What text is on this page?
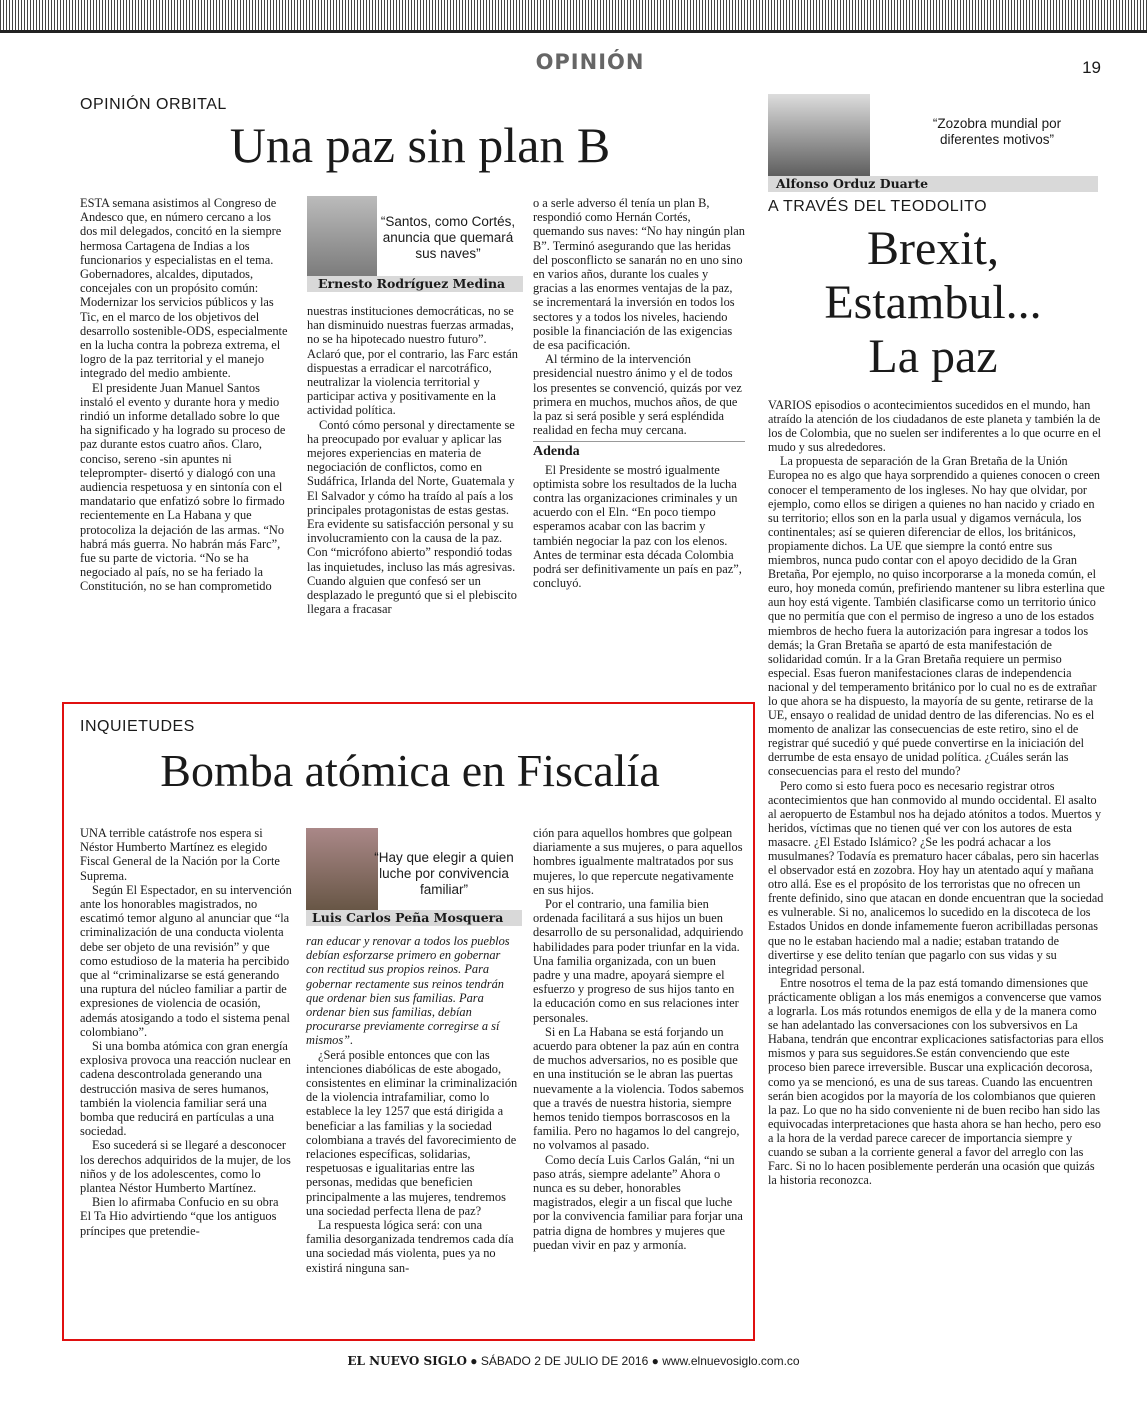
OPINIÓN	19
OPINIÓN ORBITAL
Una paz sin plan B

ESTA semana asistimos al Congreso de Andesco que, en número cercano a los dos mil delegados, concitó en la siempre hermosa Cartagena de Indias a los funcionarios y especialistas en el tema. Gobernadores, alcaldes, diputados, concejales con un propósito común: Modernizar los servicios públicos y las Tic, en el marco de los objetivos del desarrollo sostenible-ODS, especialmente en la lucha contra la pobreza extrema, el logro de la paz territorial y el manejo integrado del medio ambiente.

El presidente Juan Manuel Santos instaló el evento y durante hora y medio rindió un informe detallado sobre lo que ha significado y ha logrado su proceso de paz durante estos cuatro años. Claro, conciso, sereno -sin apuntes ni teleprompter- disertó y dialogó con una audiencia respetuosa y en sintonía con el mandatario que enfatizó sobre lo firmado recientemente en La Habana y que protocoliza la dejación de las armas. “No habrá más guerra. No habrán más Farc”, fue su parte de victoria. “No se ha negociado al país, no se ha feriado la Constitución, no se han comprometido

“Santos, como Cortés, anuncia que quemará sus naves”
Ernesto Rodríguez Medina

nuestras instituciones democráticas, no se han disminuido nuestras fuerzas armadas, no se ha hipotecado nuestro futuro”. Aclaró que, por el contrario, las Farc están dispuestas a erradicar el narcotráfico, neutralizar la violencia territorial y participar activa y positivamente en la actividad política.

Contó cómo personal y directamente se ha preocupado por evaluar y aplicar las mejores experiencias en materia de negociación de conflictos, como en Sudáfrica, Irlanda del Norte, Guatemala y El Salvador y cómo ha traído al país a los principales protagonistas de estas gestas. Era evidente su satisfacción personal y su involucramiento con la causa de la paz. Con “micrófono abierto” respondió todas las inquietudes, incluso las más agresivas. Cuando alguien que confesó ser un desplazado le preguntó que si el plebiscito llegara a fracasar

o a serle adverso él tenía un plan B, respondió como Hernán Cortés, quemando sus naves: “No hay ningún plan B”. Terminó asegurando que las heridas del posconflicto se sanarán no en uno sino en varios años, durante los cuales y gracias a las enormes ventajas de la paz, se incrementará la inversión en todos los sectores y a todos los niveles, haciendo posible la financiación de las exigencias de esa pacificación.

Al término de la intervención presidencial nuestro ánimo y el de todos los presentes se convenció, quizás por vez primera en muchos, muchos años, de que la paz si será posible y será espléndida realidad en fecha muy cercana.

Adenda

El Presidente se mostró igualmente optimista sobre los resultados de la lucha contra las organizaciones criminales y un acuerdo con el Eln. “En poco tiempo esperamos acabar con las bacrim y también negociar la paz con los elenos. Antes de terminar esta década Colombia podrá ser definitivamente un país en paz”, concluyó.

“Zozobra mundial por diferentes motivos”
Alfonso Orduz Duarte
A TRAVÉS DEL TEODOLITO
Brexit,
Estambul...
La paz

VARIOS episodios o acontecimientos sucedidos en el mundo, han atraído la atención de los ciudadanos de este planeta y también la de los de Colombia, que no suelen ser indiferentes a lo que ocurre en el mudo y sus alrededores.

La propuesta de separación de la Gran Bretaña de la Unión Europea no es algo que haya sorprendido a quienes conocen o creen conocer el temperamento de los ingleses. No hay que olvidar, por ejemplo, como ellos se dirigen a quienes no han nacido y criado en su territorio; ellos son en la parla usual y digamos vernácula, los continentales; así se quieren diferenciar de ellos, los británicos, propiamente dichos. La UE que siempre la contó entre sus miembros, nunca pudo contar con el apoyo decidido de la Gran Bretaña, Por ejemplo, no quiso incorporarse a la moneda común, el euro, hoy moneda común, prefiriendo mantener su libra esterlina que aun hoy está vigente. También clasificarse como un territorio único que no permitía que con el permiso de ingreso a uno de los estados miembros de hecho fuera la autorización para ingresar a todos los demás; la Gran Bretaña se apartó de esta manifestación de solidaridad común. Ir a la Gran Bretaña requiere un permiso especial. Esas fueron manifestaciones claras de independencia nacional y del temperamento británico por lo cual no es de extrañar lo que ahora se ha dispuesto, la mayoría de su gente, retirarse de la UE, ensayo o realidad de unidad dentro de las diferencias. No es el momento de analizar las consecuencias de este retiro, sino el de registrar qué sucedió y qué puede convertirse en la iniciación del derrumbe de esta ensayo de unidad política. ¿Cuáles serán las consecuencias para el resto del mundo?

Pero como si esto fuera poco es necesario registrar otros acontecimientos que han conmovido al mundo occidental. El asalto al aeropuerto de Estambul nos ha dejado atónitos a todos. Muertos y heridos, víctimas que no tienen qué ver con los autores de esta masacre. ¿El Estado Islámico? ¿Se les podrá achacar a los musulmanes? Todavía es prematuro hacer cábalas, pero sin hacerlas el observador está en zozobra. Hoy hay un atentado aquí y mañana otro allá. Ese es el propósito de los terroristas que no ofrecen un frente definido, sino que atacan en donde encuentran que la sociedad es vulnerable. Si no, analicemos lo sucedido en la discoteca de los Estados Unidos en donde infamemente fueron acribilladas personas que no le estaban haciendo mal a nadie; estaban tratando de divertirse y ese delito tenían que pagarlo con sus vidas y su integridad personal.

Entre nosotros el tema de la paz está tomando dimensiones que prácticamente obligan a los más enemigos a convencerse que vamos a lograrla. Los más rotundos enemigos de ella y de la manera como se han adelantado las conversaciones con los subversivos en La Habana, tendrán que encontrar explicaciones satisfactorias para ellos mismos y para sus seguidores.Se están convenciendo que este proceso bien parece irreversible. Buscar una explicación decorosa, como ya se mencionó, es una de sus tareas. Cuando las encuentren serán bien acogidos por la mayoría de los colombianos que quieren la paz. Lo que no ha sido conveniente ni de buen recibo han sido las equivocadas interpretaciones que hasta ahora se han hecho, pero eso a la hora de la verdad parece carecer de importancia siempre y cuando se suban a la corriente general a favor del arreglo con las Farc. Si no lo hacen posiblemente perderán una ocasión que quizás la historia reconozca.

INQUIETUDES
Bomba atómica en Fiscalía

UNA terrible catástrofe nos espera si Néstor Humberto Martínez es elegido Fiscal General de la Nación por la Corte Suprema.

Según El Espectador, en su intervención ante los honorables magistrados, no escatimó temor alguno al anunciar que “la criminalización de una conducta violenta debe ser objeto de una revisión” y que como estudioso de la materia ha percibido que al “criminalizarse se está generando una ruptura del núcleo familiar a partir de expresiones de violencia de ocasión, además atosigando a todo el sistema penal colombiano”.

Si una bomba atómica con gran energía explosiva provoca una reacción nuclear en cadena descontrolada generando una destrucción masiva de seres humanos, también la violencia familiar será una bomba que reducirá en partículas a una sociedad.

Eso sucederá si se llegaré a desconocer los derechos adquiridos de la mujer, de los niños y de los adolescentes, como lo plantea Néstor Humberto Martínez.

Bien lo afirmaba Confucio en su obra El Ta Hio advirtiendo “que los antiguos príncipes que pretendie-

“Hay que elegir a quien luche por convivencia familiar”
Luis Carlos Peña Mosquera

ran educar y renovar a todos los pueblos debían esforzarse primero en gobernar con rectitud sus propios reinos. Para gobernar rectamente sus reinos tendrán que ordenar bien sus familias. Para ordenar bien sus familias, debían procurarse previamente corregirse a sí mismos”.

¿Será posible entonces que con las intenciones diabólicas de este abogado, consistentes en eliminar la criminalización de la violencia intrafamiliar, como lo establece la ley 1257 que está dirigida a beneficiar a las familias y la sociedad colombiana a través del favorecimiento de relaciones específicas, solidarias, respetuosas e igualitarias entre las personas, medidas que beneficien principalmente a las mujeres, tendremos una sociedad perfecta llena de paz?

La respuesta lógica será: con una familia desorganizada tendremos cada día una sociedad más violenta, pues ya no existirá ninguna san-

ción para aquellos hombres que golpean diariamente a sus mujeres, o para aquellos hombres igualmente maltratados por sus mujeres, lo que repercute negativamente en sus hijos.

Por el contrario, una familia bien ordenada facilitará a sus hijos un buen desarrollo de su personalidad, adquiriendo habilidades para poder triunfar en la vida. Una familia organizada, con un buen padre y una madre, apoyará siempre el esfuerzo y progreso de sus hijos tanto en la educación como en sus relaciones inter personales.

Si en La Habana se está forjando un acuerdo para obtener la paz aún en contra de muchos adversarios, no es posible que en una institución se le abran las puertas nuevamente a la violencia. Todos sabemos que a través de nuestra historia, siempre hemos tenido tiempos borrascosos en la familia. Pero no hagamos lo del cangrejo, no volvamos al pasado.

Como decía Luis Carlos Galán, “ni un paso atrás, siempre adelante” Ahora o nunca es su deber, honorables magistrados, elegir a un fiscal que luche por la convivencia familiar para forjar una patria digna de hombres y mujeres que puedan vivir en paz y armonía.

EL NUEVO SIGLO ● SÁBADO 2 DE JULIO DE 2016 ● www.elnuevosiglo.com.co
